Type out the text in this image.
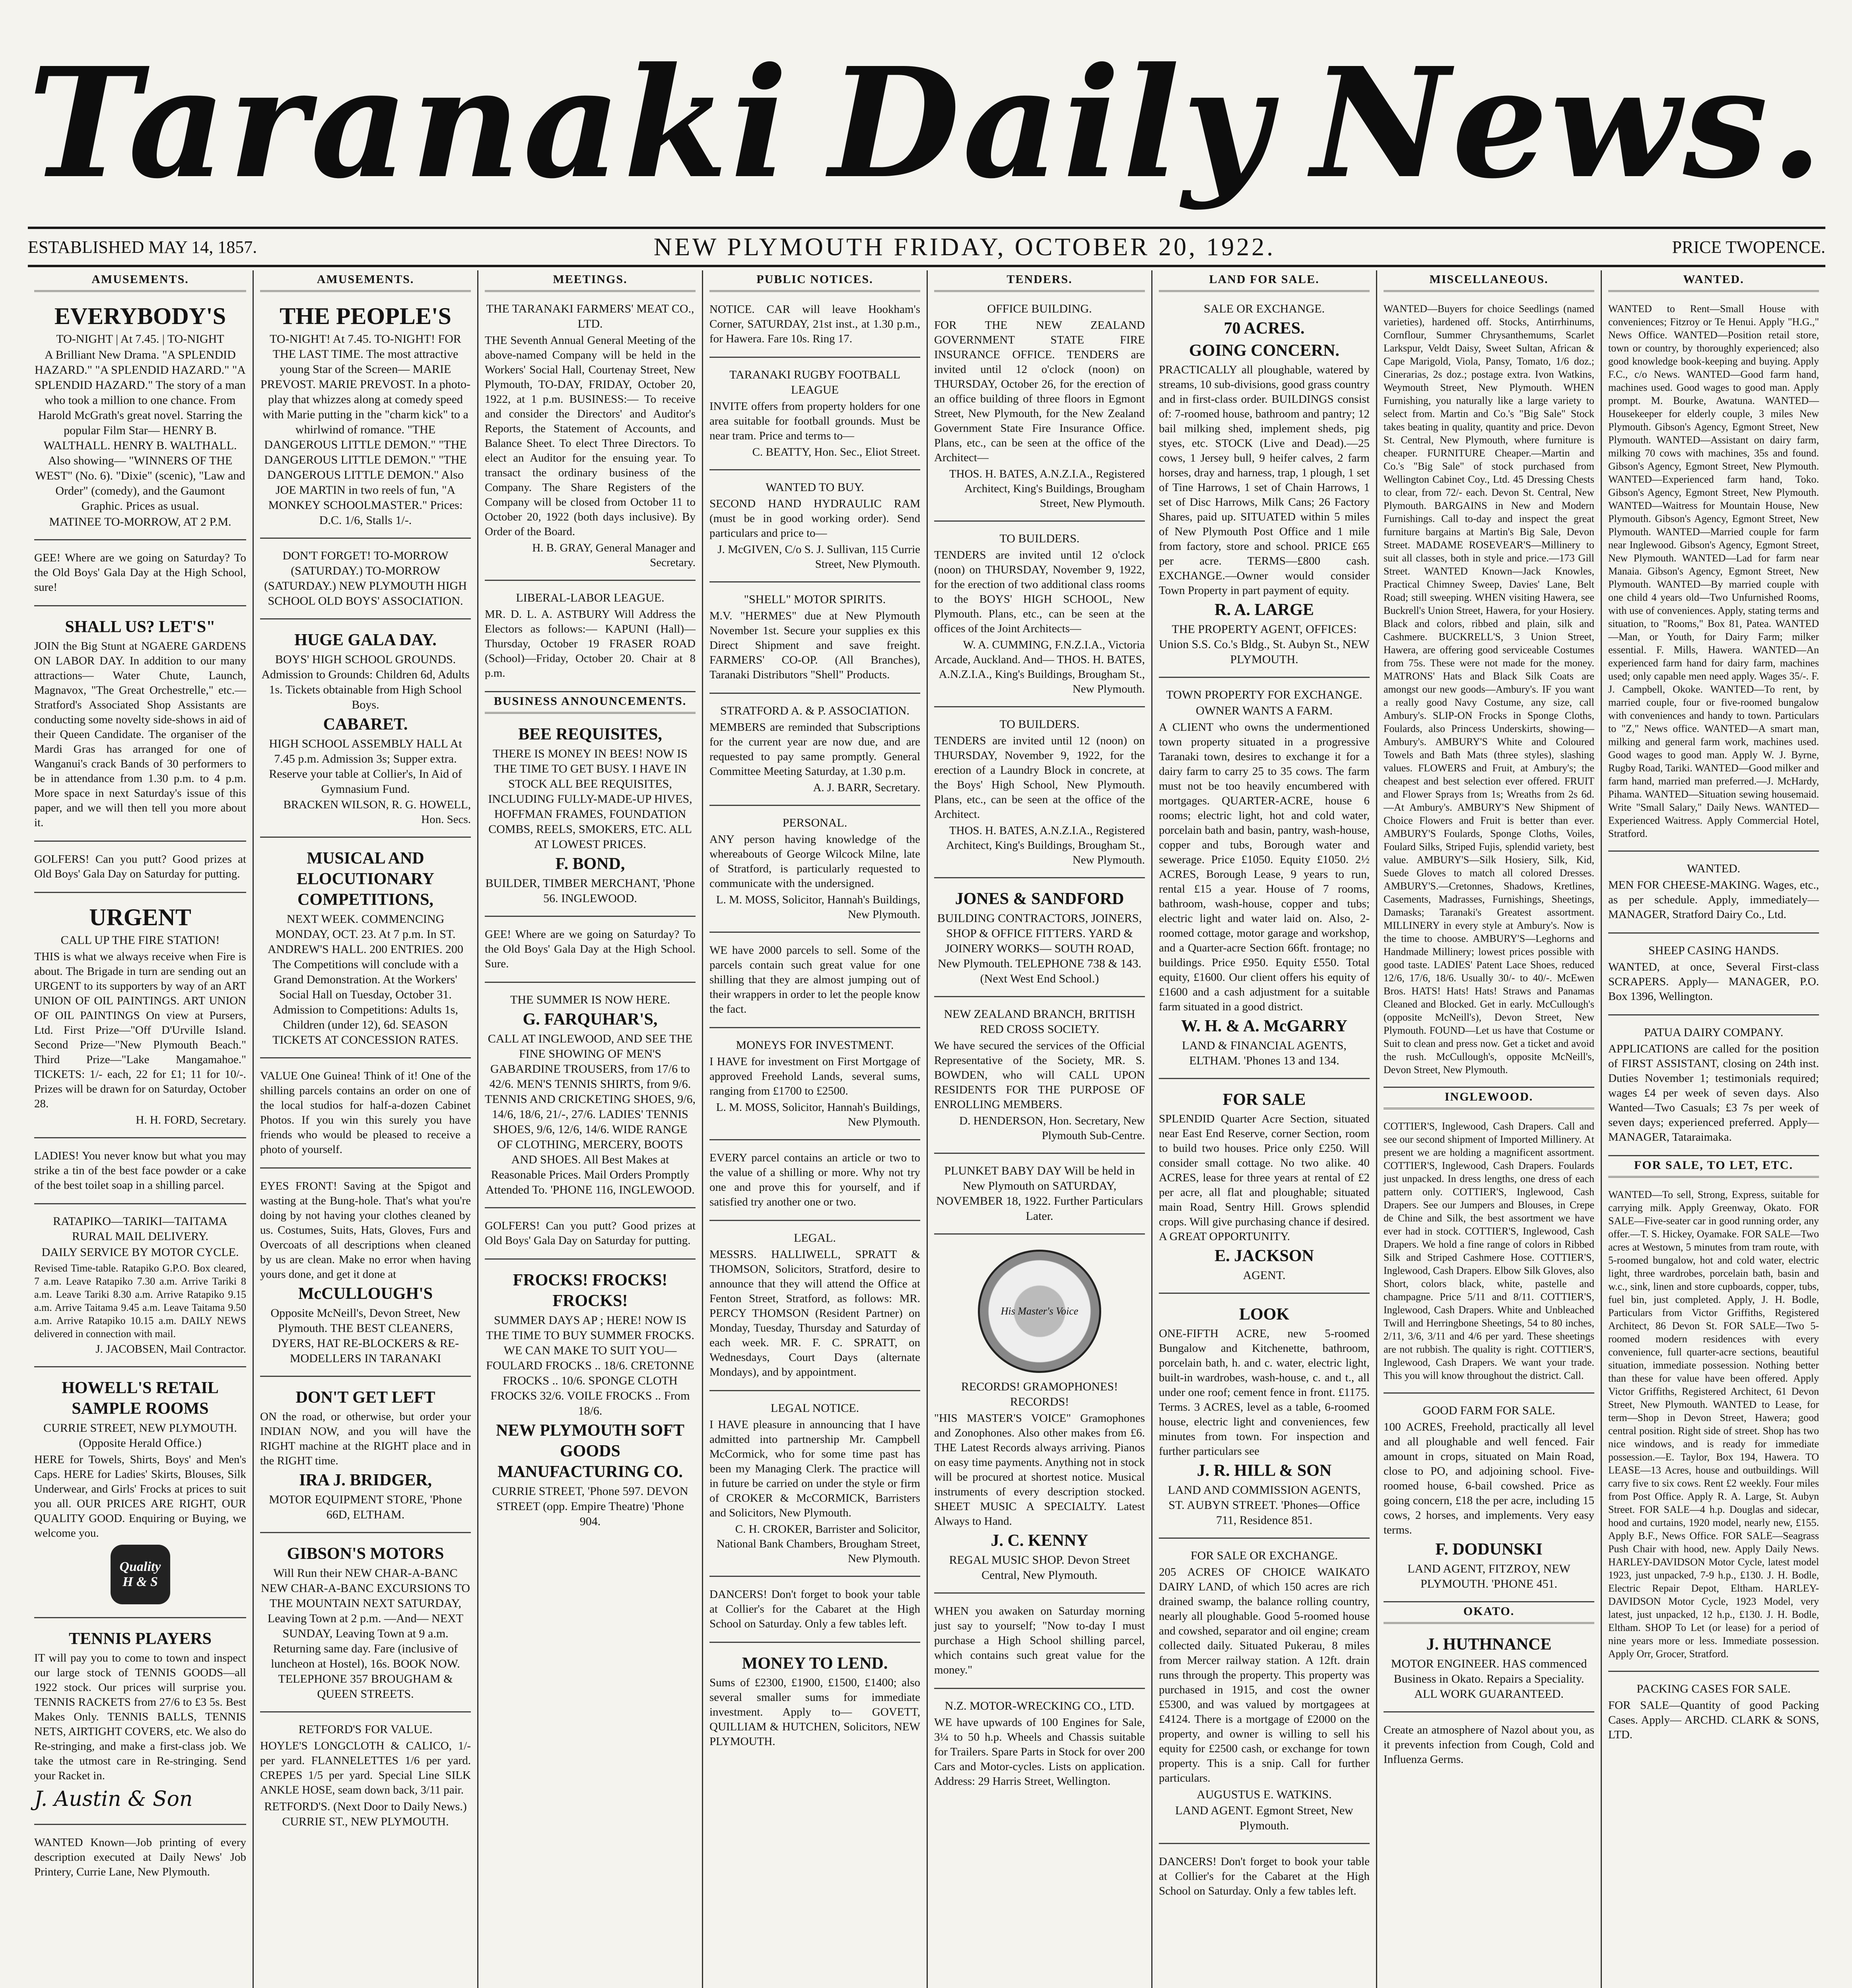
Taranaki Daily News.
ESTABLISHED MAY 14, 1857.	NEW PLYMOUTH FRIDAY, OCTOBER 20, 1922.	PRICE TWOPENCE.
AMUSEMENTS.
EVERYBODY'S
TO-NIGHT | At 7.45. | TO-NIGHT
A Brilliant New Drama. "A SPLENDID HAZARD." "A SPLENDID HAZARD." "A SPLENDID HAZARD." The story of a man who took a million to one chance. From Harold McGrath's great novel. Starring the popular Film Star— HENRY B. WALTHALL. HENRY B. WALTHALL. Also showing— "WINNERS OF THE WEST" (No. 6). "Dixie" (scenic), "Law and Order" (comedy), and the Gaumont Graphic. Prices as usual.
MATINEE TO-MORROW, AT 2 P.M.
GEE! Where are we going on Saturday? To the Old Boys' Gala Day at the High School, sure!
SHALL US? LET'S"
JOIN the Big Stunt at NGAERE GARDENS ON LABOR DAY. In addition to our many attractions— Water Chute, Launch, Magnavox, "The Great Orchestrelle," etc.—Stratford's Associated Shop Assistants are conducting some novelty side-shows in aid of their Queen Candidate. The organiser of the Mardi Gras has arranged for one of Wanganui's crack Bands of 30 performers to be in attendance from 1.30 p.m. to 4 p.m. More space in next Saturday's issue of this paper, and we will then tell you more about it.
GOLFERS! Can you putt? Good prizes at Old Boys' Gala Day on Saturday for putting.
URGENT
CALL UP THE FIRE STATION!
THIS is what we always receive when Fire is about. The Brigade in turn are sending out an URGENT to its supporters by way of an ART UNION OF OIL PAINTINGS. ART UNION OF OIL PAINTINGS On view at Pursers, Ltd. First Prize—"Off D'Urville Island. Second Prize—"New Plymouth Beach." Third Prize—"Lake Mangamahoe." TICKETS: 1/- each, 22 for £1; 11 for 10/-. Prizes will be drawn for on Saturday, October 28.
H. H. FORD, Secretary.
LADIES! You never know but what you may strike a tin of the best face powder or a cake of the best toilet soap in a shilling parcel.
RATAPIKO—TARIKI—TAITAMA RURAL MAIL DELIVERY.
DAILY SERVICE BY MOTOR CYCLE.
Revised Time-table. Ratapiko G.P.O. Box cleared, 7 a.m. Leave Ratapiko 7.30 a.m. Arrive Tariki 8 a.m. Leave Tariki 8.30 a.m. Arrive Ratapiko 9.15 a.m. Arrive Taitama 9.45 a.m. Leave Taitama 9.50 a.m. Arrive Ratapiko 10.15 a.m. DAILY NEWS delivered in connection with mail.
J. JACOBSEN, Mail Contractor.
HOWELL'S RETAIL SAMPLE ROOMS
CURRIE STREET, NEW PLYMOUTH. (Opposite Herald Office.)
HERE for Towels, Shirts, Boys' and Men's Caps. HERE for Ladies' Skirts, Blouses, Silk Underwear, and Girls' Frocks at prices to suit you all. OUR PRICES ARE RIGHT, OUR QUALITY GOOD. Enquiring or Buying, we welcome you.
Quality
H & S
TENNIS PLAYERS
IT will pay you to come to town and inspect our large stock of TENNIS GOODS—all 1922 stock. Our prices will surprise you. TENNIS RACKETS from 27/6 to £3 5s. Best Makes Only. TENNIS BALLS, TENNIS NETS, AIRTIGHT COVERS, etc. We also do Re-stringing, and make a first-class job. We take the utmost care in Re-stringing. Send your Racket in.
J. Austin & Son
WANTED Known—Job printing of every description executed at Daily News' Job Printery, Currie Lane, New Plymouth.
AMUSEMENTS.
THE PEOPLE'S
TO-NIGHT! At 7.45. TO-NIGHT! FOR THE LAST TIME. The most attractive young Star of the Screen— MARIE PREVOST. MARIE PREVOST. In a photo-play that whizzes along at comedy speed with Marie putting in the "charm kick" to a whirlwind of romance. "THE DANGEROUS LITTLE DEMON." "THE DANGEROUS LITTLE DEMON." "THE DANGEROUS LITTLE DEMON." Also JOE MARTIN in two reels of fun, "A MONKEY SCHOOLMASTER." Prices: D.C. 1/6, Stalls 1/-.
DON'T FORGET! TO-MORROW (SATURDAY.) TO-MORROW (SATURDAY.) NEW PLYMOUTH HIGH SCHOOL OLD BOYS' ASSOCIATION.
HUGE GALA DAY.
BOYS' HIGH SCHOOL GROUNDS. Admission to Grounds: Children 6d, Adults 1s. Tickets obtainable from High School Boys.
CABARET.
HIGH SCHOOL ASSEMBLY HALL At 7.45 p.m. Admission 3s; Supper extra. Reserve your table at Collier's, In Aid of Gymnasium Fund.
BRACKEN WILSON, R. G. HOWELL, Hon. Secs.
MUSICAL AND ELOCUTIONARY COMPETITIONS,
NEXT WEEK. COMMENCING MONDAY, OCT. 23. At 7 p.m. In ST. ANDREW'S HALL. 200 ENTRIES. 200 The Competitions will conclude with a Grand Demonstration. At the Workers' Social Hall on Tuesday, October 31. Admission to Competitions: Adults 1s, Children (under 12), 6d. SEASON TICKETS AT CONCESSION RATES.
VALUE One Guinea! Think of it! One of the shilling parcels contains an order on one of the local studios for half-a-dozen Cabinet Photos. If you win this surely you have friends who would be pleased to receive a photo of yourself.
EYES FRONT! Saving at the Spigot and wasting at the Bung-hole. That's what you're doing by not having your clothes cleaned by us. Costumes, Suits, Hats, Gloves, Furs and Overcoats of all descriptions when cleaned by us are clean. Make no error when having yours done, and get it done at
McCULLOUGH'S
Opposite McNeill's, Devon Street, New Plymouth. THE BEST CLEANERS, DYERS, HAT RE-BLOCKERS & RE-MODELLERS IN TARANAKI
DON'T GET LEFT
ON the road, or otherwise, but order your INDIAN NOW, and you will have the RIGHT machine at the RIGHT place and in the RIGHT time.
IRA J. BRIDGER,
MOTOR EQUIPMENT STORE, 'Phone 66D, ELTHAM.
GIBSON'S MOTORS
Will Run their NEW CHAR-A-BANC NEW CHAR-A-BANC EXCURSIONS TO THE MOUNTAIN NEXT SATURDAY, Leaving Town at 2 p.m. —And— NEXT SUNDAY, Leaving Town at 9 a.m. Returning same day. Fare (inclusive of luncheon at Hostel), 16s. BOOK NOW. TELEPHONE 357 BROUGHAM & QUEEN STREETS.
RETFORD'S FOR VALUE.
HOYLE'S LONGCLOTH & CALICO, 1/- per yard. FLANNELETTES 1/6 per yard. CREPES 1/5 per yard. Special Line SILK ANKLE HOSE, seam down back, 3/11 pair.
RETFORD'S. (Next Door to Daily News.) CURRIE ST., NEW PLYMOUTH.
MEETINGS.
THE TARANAKI FARMERS' MEAT CO., LTD.
THE Seventh Annual General Meeting of the above-named Company will be held in the Workers' Social Hall, Courtenay Street, New Plymouth, TO-DAY, FRIDAY, October 20, 1922, at 1 p.m. BUSINESS:— To receive and consider the Directors' and Auditor's Reports, the Statement of Accounts, and Balance Sheet. To elect Three Directors. To elect an Auditor for the ensuing year. To transact the ordinary business of the Company. The Share Registers of the Company will be closed from October 11 to October 20, 1922 (both days inclusive). By Order of the Board.
H. B. GRAY, General Manager and Secretary.
LIBERAL-LABOR LEAGUE.
MR. D. L. A. ASTBURY Will Address the Electors as follows:— KAPUNI (Hall)—Thursday, October 19 FRASER ROAD (School)—Friday, October 20. Chair at 8 p.m.
BUSINESS ANNOUNCEMENTS.
BEE REQUISITES,
THERE IS MONEY IN BEES! NOW IS THE TIME TO GET BUSY. I HAVE IN STOCK ALL BEE REQUISITES, INCLUDING FULLY-MADE-UP HIVES, HOFFMAN FRAMES, FOUNDATION COMBS, REELS, SMOKERS, ETC. ALL AT LOWEST PRICES.
F. BOND,
BUILDER, TIMBER MERCHANT, 'Phone 56. INGLEWOOD.
GEE! Where are we going on Saturday? To the Old Boys' Gala Day at the High School. Sure.
THE SUMMER IS NOW HERE.
G. FARQUHAR'S,
CALL AT INGLEWOOD, AND SEE THE FINE SHOWING OF MEN'S GABARDINE TROUSERS, from 17/6 to 42/6. MEN'S TENNIS SHIRTS, from 9/6. TENNIS AND CRICKETING SHOES, 9/6, 14/6, 18/6, 21/-, 27/6. LADIES' TENNIS SHOES, 9/6, 12/6, 14/6. WIDE RANGE OF CLOTHING, MERCERY, BOOTS AND SHOES. All Best Makes at Reasonable Prices. Mail Orders Promptly Attended To. 'PHONE 116, INGLEWOOD.
GOLFERS! Can you putt? Good prizes at Old Boys' Gala Day on Saturday for putting.
FROCKS! FROCKS! FROCKS!
SUMMER DAYS AP ; HERE! NOW IS THE TIME TO BUY SUMMER FROCKS. WE CAN MAKE TO SUIT YOU— FOULARD FROCKS .. 18/6. CRETONNE FROCKS .. 10/6. SPONGE CLOTH FROCKS 32/6. VOILE FROCKS .. From 18/6.
NEW PLYMOUTH SOFT GOODS MANUFACTURING CO.
CURRIE STREET, 'Phone 597. DEVON STREET (opp. Empire Theatre) 'Phone 904.
PUBLIC NOTICES.
NOTICE. CAR will leave Hookham's Corner, SATURDAY, 21st inst., at 1.30 p.m., for Hawera. Fare 10s. Ring 17.
TARANAKI RUGBY FOOTBALL LEAGUE
INVITE offers from property holders for one area suitable for football grounds. Must be near tram. Price and terms to—
C. BEATTY, Hon. Sec., Eliot Street.
WANTED TO BUY.
SECOND HAND HYDRAULIC RAM (must be in good working order). Send particulars and price to—
J. McGIVEN, C/o S. J. Sullivan, 115 Currie Street, New Plymouth.
"SHELL" MOTOR SPIRITS.
M.V. "HERMES" due at New Plymouth November 1st. Secure your supplies ex this Direct Shipment and save freight. FARMERS' CO-OP. (All Branches), Taranaki Distributors "Shell" Products.
STRATFORD A. & P. ASSOCIATION.
MEMBERS are reminded that Subscriptions for the current year are now due, and are requested to pay same promptly. General Committee Meeting Saturday, at 1.30 p.m.
A. J. BARR, Secretary.
PERSONAL.
ANY person having knowledge of the whereabouts of George Wilcock Milne, late of Stratford, is particularly requested to communicate with the undersigned.
L. M. MOSS, Solicitor, Hannah's Buildings, New Plymouth.
WE have 2000 parcels to sell. Some of the parcels contain such great value for one shilling that they are almost jumping out of their wrappers in order to let the people know the fact.
MONEYS FOR INVESTMENT.
I HAVE for investment on First Mortgage of approved Freehold Lands, several sums, ranging from £1700 to £2500.
L. M. MOSS, Solicitor, Hannah's Buildings, New Plymouth.
EVERY parcel contains an article or two to the value of a shilling or more. Why not try one and prove this for yourself, and if satisfied try another one or two.
LEGAL.
MESSRS. HALLIWELL, SPRATT & THOMSON, Solicitors, Stratford, desire to announce that they will attend the Office at Fenton Street, Stratford, as follows: MR. PERCY THOMSON (Resident Partner) on Monday, Tuesday, Thursday and Saturday of each week. MR. F. C. SPRATT, on Wednesdays, Court Days (alternate Mondays), and by appointment.
LEGAL NOTICE.
I HAVE pleasure in announcing that I have admitted into partnership Mr. Campbell McCormick, who for some time past has been my Managing Clerk. The practice will in future be carried on under the style or firm of CROKER & McCORMICK, Barristers and Solicitors, New Plymouth.
C. H. CROKER, Barrister and Solicitor, National Bank Chambers, Brougham Street, New Plymouth.
DANCERS! Don't forget to book your table at Collier's for the Cabaret at the High School on Saturday. Only a few tables left.
MONEY TO LEND.
Sums of £2300, £1900, £1500, £1400; also several smaller sums for immediate investment. Apply to— GOVETT, QUILLIAM & HUTCHEN, Solicitors, NEW PLYMOUTH.
TENDERS.
OFFICE BUILDING.
FOR THE NEW ZEALAND GOVERNMENT STATE FIRE INSURANCE OFFICE. TENDERS are invited until 12 o'clock (noon) on THURSDAY, October 26, for the erection of an office building of three floors in Egmont Street, New Plymouth, for the New Zealand Government State Fire Insurance Office. Plans, etc., can be seen at the office of the Architect—
THOS. H. BATES, A.N.Z.I.A., Registered Architect, King's Buildings, Brougham Street, New Plymouth.
TO BUILDERS.
TENDERS are invited until 12 o'clock (noon) on THURSDAY, November 9, 1922, for the erection of two additional class rooms to the BOYS' HIGH SCHOOL, New Plymouth. Plans, etc., can be seen at the offices of the Joint Architects—
W. A. CUMMING, F.N.Z.I.A., Victoria Arcade, Auckland. And— THOS. H. BATES, A.N.Z.I.A., King's Buildings, Brougham St., New Plymouth.
TO BUILDERS.
TENDERS are invited until 12 (noon) on THURSDAY, November 9, 1922, for the erection of a Laundry Block in concrete, at the Boys' High School, New Plymouth. Plans, etc., can be seen at the office of the Architect.
THOS. H. BATES, A.N.Z.I.A., Registered Architect, King's Buildings, Brougham St., New Plymouth.
JONES & SANDFORD
BUILDING CONTRACTORS, JOINERS, SHOP & OFFICE FITTERS. YARD & JOINERY WORKS— SOUTH ROAD, New Plymouth. TELEPHONE 738 & 143. (Next West End School.)
NEW ZEALAND BRANCH, BRITISH RED CROSS SOCIETY.
We have secured the services of the Official Representative of the Society, MR. S. BOWDEN, who will CALL UPON RESIDENTS FOR THE PURPOSE OF ENROLLING MEMBERS.
D. HENDERSON, Hon. Secretary, New Plymouth Sub-Centre.
PLUNKET BABY DAY Will be held in New Plymouth on SATURDAY, NOVEMBER 18, 1922. Further Particulars Later.
His Master's Voice
RECORDS! GRAMOPHONES! RECORDS!
"HIS MASTER'S VOICE" Gramophones and Zonophones. Also other makes from £6. THE Latest Records always arriving. Pianos on easy time payments. Anything not in stock will be procured at shortest notice. Musical instruments of every description stocked. SHEET MUSIC A SPECIALTY. Latest Always to Hand.
J. C. KENNY
REGAL MUSIC SHOP. Devon Street Central, New Plymouth.
WHEN you awaken on Saturday morning just say to yourself; "Now to-day I must purchase a High School shilling parcel, which contains such great value for the money."
N.Z. MOTOR-WRECKING CO., LTD.
WE have upwards of 100 Engines for Sale, 3¼ to 50 h.p. Wheels and Chassis suitable for Trailers. Spare Parts in Stock for over 200 Cars and Motor-cycles. Lists on application. Address: 29 Harris Street, Wellington.
LAND FOR SALE.
SALE OR EXCHANGE.
70 ACRES.
GOING CONCERN.
PRACTICALLY all ploughable, watered by streams, 10 sub-divisions, good grass country and in first-class order. BUILDINGS consist of: 7-roomed house, bathroom and pantry; 12 bail milking shed, implement sheds, pig styes, etc. STOCK (Live and Dead).—25 cows, 1 Jersey bull, 9 heifer calves, 2 farm horses, dray and harness, trap, 1 plough, 1 set of Tine Harrows, 1 set of Chain Harrows, 1 set of Disc Harrows, Milk Cans; 26 Factory Shares, paid up. SITUATED within 5 miles of New Plymouth Post Office and 1 mile from factory, store and school. PRICE £65 per acre. TERMS—£800 cash. EXCHANGE.—Owner would consider Town Property in part payment of equity.
R. A. LARGE
THE PROPERTY AGENT, OFFICES: Union S.S. Co.'s Bldg., St. Aubyn St., NEW PLYMOUTH.
TOWN PROPERTY FOR EXCHANGE.
OWNER WANTS A FARM.
A CLIENT who owns the undermentioned town property situated in a progressive Taranaki town, desires to exchange it for a dairy farm to carry 25 to 35 cows. The farm must not be too heavily encumbered with mortgages. QUARTER-ACRE, house 6 rooms; electric light, hot and cold water, porcelain bath and basin, pantry, wash-house, copper and tubs, Borough water and sewerage. Price £1050. Equity £1050. 2½ ACRES, Borough Lease, 9 years to run, rental £15 a year. House of 7 rooms, bathroom, wash-house, copper and tubs; electric light and water laid on. Also, 2-roomed cottage, motor garage and workshop, and a Quarter-acre Section 66ft. frontage; no buildings. Price £950. Equity £550. Total equity, £1600. Our client offers his equity of £1600 and a cash adjustment for a suitable farm situated in a good district.
W. H. & A. McGARRY
LAND & FINANCIAL AGENTS, ELTHAM. 'Phones 13 and 134.
FOR SALE
SPLENDID Quarter Acre Section, situated near East End Reserve, corner Section, room to build two houses. Price only £250. Will consider small cottage. No two alike. 40 ACRES, lease for three years at rental of £2 per acre, all flat and ploughable; situated main Road, Sentry Hill. Grows splendid crops. Will give purchasing chance if desired. A GREAT OPPORTUNITY.
E. JACKSON
AGENT.
LOOK
ONE-FIFTH ACRE, new 5-roomed Bungalow and Kitchenette, bathroom, porcelain bath, h. and c. water, electric light, built-in wardrobes, wash-house, c. and t., all under one roof; cement fence in front. £1175. Terms. 3 ACRES, level as a table, 6-roomed house, electric light and conveniences, few minutes from town. For inspection and further particulars see
J. R. HILL & SON
LAND AND COMMISSION AGENTS, ST. AUBYN STREET. 'Phones—Office 711, Residence 851.
FOR SALE OR EXCHANGE.
205 ACRES OF CHOICE WAIKATO DAIRY LAND, of which 150 acres are rich drained swamp, the balance rolling country, nearly all ploughable. Good 5-roomed house and cowshed, separator and oil engine; cream collected daily. Situated Pukerau, 8 miles from Mercer railway station. A 12ft. drain runs through the property. This property was purchased in 1915, and cost the owner £5300, and was valued by mortgagees at £4124. There is a mortgage of £2000 on the property, and owner is willing to sell his equity for £2500 cash, or exchange for town property. This is a snip. Call for further particulars.
AUGUSTUS E. WATKINS.
LAND AGENT. Egmont Street, New Plymouth.
DANCERS! Don't forget to book your table at Collier's for the Cabaret at the High School on Saturday. Only a few tables left.
MISCELLANEOUS.
WANTED—Buyers for choice Seedlings (named varieties), hardened off. Stocks, Antirrhinums, Cornflour, Summer Chrysanthemums, Scarlet Larkspur, Veldt Daisy, Sweet Sultan, African & Cape Marigold, Viola, Pansy, Tomato, 1/6 doz.; Cinerarias, 2s doz.; postage extra. Ivon Watkins, Weymouth Street, New Plymouth. WHEN Furnishing, you naturally like a large variety to select from. Martin and Co.'s "Big Sale" Stock takes beating in quality, quantity and price. Devon St. Central, New Plymouth, where furniture is cheaper. FURNITURE Cheaper.—Martin and Co.'s "Big Sale" of stock purchased from Wellington Cabinet Coy., Ltd. 45 Dressing Chests to clear, from 72/- each. Devon St. Central, New Plymouth. BARGAINS in New and Modern Furnishings. Call to-day and inspect the great furniture bargains at Martin's Big Sale, Devon Street. MADAME ROSEVEAR'S—Millinery to suit all classes, both in style and price.—173 Gill Street. WANTED Known—Jack Knowles, Practical Chimney Sweep, Davies' Lane, Belt Road; still sweeping. WHEN visiting Hawera, see Buckrell's Union Street, Hawera, for your Hosiery. Black and colors, ribbed and plain, silk and Cashmere. BUCKRELL'S, 3 Union Street, Hawera, are offering good serviceable Costumes from 75s. These were not made for the money. MATRONS' Hats and Black Silk Coats are amongst our new goods—Ambury's. IF you want a really good Navy Costume, any size, call Ambury's. SLIP-ON Frocks in Sponge Cloths, Foulards, also Princess Underskirts, showing—Ambury's. AMBURY'S White and Coloured Towels and Bath Mats (three styles), slashing values. FLOWERS and Fruit, at Ambury's; the cheapest and best selection ever offered. FRUIT and Flower Sprays from 1s; Wreaths from 2s 6d.—At Ambury's. AMBURY'S New Shipment of Choice Flowers and Fruit is better than ever. AMBURY'S Foulards, Sponge Cloths, Voiles, Foulard Silks, Striped Fujis, splendid variety, best value. AMBURY'S—Silk Hosiery, Silk, Kid, Suede Gloves to match all colored Dresses. AMBURY'S.—Cretonnes, Shadows, Kretlines, Casements, Madrasses, Furnishings, Sheetings, Damasks; Taranaki's Greatest assortment. MILLINERY in every style at Ambury's. Now is the time to choose. AMBURY'S—Leghorns and Handmade Millinery; lowest prices possible with good taste. LADIES' Patent Lace Shoes, reduced 12/6, 17/6, 18/6. Usually 30/- to 40/-. McEwen Bros. HATS! Hats! Hats! Straws and Panamas Cleaned and Blocked. Get in early. McCullough's (opposite McNeill's), Devon Street, New Plymouth. FOUND—Let us have that Costume or Suit to clean and press now. Get a ticket and avoid the rush. McCullough's, opposite McNeill's, Devon Street, New Plymouth.
INGLEWOOD.
COTTIER'S, Inglewood, Cash Drapers. Call and see our second shipment of Imported Millinery. At present we are holding a magnificent assortment. COTTIER'S, Inglewood, Cash Drapers. Foulards just unpacked. In dress lengths, one dress of each pattern only. COTTIER'S, Inglewood, Cash Drapers. See our Jumpers and Blouses, in Crepe de Chine and Silk, the best assortment we have ever had in stock. COTTIER'S, Inglewood, Cash Drapers. We hold a fine range of colors in Ribbed Silk and Striped Cashmere Hose. COTTIER'S, Inglewood, Cash Drapers. Elbow Silk Gloves, also Short, colors black, white, pastelle and champagne. Price 5/11 and 8/11. COTTIER'S, Inglewood, Cash Drapers. White and Unbleached Twill and Herringbone Sheetings, 54 to 80 inches, 2/11, 3/6, 3/11 and 4/6 per yard. These sheetings are not rubbish. The quality is right. COTTIER'S, Inglewood, Cash Drapers. We want your trade. This you will know throughout the district. Call.
GOOD FARM FOR SALE.
100 ACRES, Freehold, practically all level and all ploughable and well fenced. Fair amount in crops, situated on Main Road, close to PO, and adjoining school. Five-roomed house, 6-bail cowshed. Price as going concern, £18 the per acre, including 15 cows, 2 horses, and implements. Very easy terms.
F. DODUNSKI
LAND AGENT, FITZROY, NEW PLYMOUTH. 'PHONE 451.
OKATO.
J. HUTHNANCE
MOTOR ENGINEER. HAS commenced Business in Okato. Repairs a Speciality. ALL WORK GUARANTEED.
Create an atmosphere of Nazol about you, as it prevents infection from Cough, Cold and Influenza Germs.
WANTED.
WANTED to Rent—Small House with conveniences; Fitzroy or Te Henui. Apply "H.G.," News Office. WANTED—Position retail store, town or country, by thoroughly experienced; also good knowledge book-keeping and buying. Apply F.C., c/o News. WANTED—Good farm hand, machines used. Good wages to good man. Apply prompt. M. Bourke, Awatuna. WANTED—Housekeeper for elderly couple, 3 miles New Plymouth. Gibson's Agency, Egmont Street, New Plymouth. WANTED—Assistant on dairy farm, milking 70 cows with machines, 35s and found. Gibson's Agency, Egmont Street, New Plymouth. WANTED—Experienced farm hand, Toko. Gibson's Agency, Egmont Street, New Plymouth. WANTED—Waitress for Mountain House, New Plymouth. Gibson's Agency, Egmont Street, New Plymouth. WANTED—Married couple for farm near Inglewood. Gibson's Agency, Egmont Street, New Plymouth. WANTED—Lad for farm near Manaia. Gibson's Agency, Egmont Street, New Plymouth. WANTED—By married couple with one child 4 years old—Two Unfurnished Rooms, with use of conveniences. Apply, stating terms and situation, to "Rooms," Box 81, Patea. WANTED—Man, or Youth, for Dairy Farm; milker essential. F. Mills, Hawera. WANTED—An experienced farm hand for dairy farm, machines used; only capable men need apply. Wages 35/-. F. J. Campbell, Okoke. WANTED—To rent, by married couple, four or five-roomed bungalow with conveniences and handy to town. Particulars to "Z," News office. WANTED—A smart man, milking and general farm work, machines used. Good wages to good man. Apply W. J. Byrne, Rugby Road, Tariki. WANTED—Good milker and farm hand, married man preferred.—J. McHardy, Pihama. WANTED—Situation sewing housemaid. Write "Small Salary," Daily News. WANTED—Experienced Waitress. Apply Commercial Hotel, Stratford.
WANTED.
MEN FOR CHEESE-MAKING. Wages, etc., as per schedule. Apply, immediately— MANAGER, Stratford Dairy Co., Ltd.
SHEEP CASING HANDS.
WANTED, at once, Several First-class SCRAPERS. Apply— MANAGER, P.O. Box 1396, Wellington.
PATUA DAIRY COMPANY.
APPLICATIONS are called for the position of FIRST ASSISTANT, closing on 24th inst. Duties November 1; testimonials required; wages £4 per week of seven days. Also Wanted—Two Casuals; £3 7s per week of seven days; experienced preferred. Apply— MANAGER, Tataraimaka.
FOR SALE, TO LET, ETC.
WANTED—To sell, Strong, Express, suitable for carrying milk. Apply Greenway, Okato. FOR SALE—Five-seater car in good running order, any offer.—T. S. Hickey, Oyamake. FOR SALE—Two acres at Westown, 5 minutes from tram route, with 5-roomed bungalow, hot and cold water, electric light, three wardrobes, porcelain bath, basin and w.c., sink, linen and store cupboards, copper, tubs, fuel bin, just completed. Apply, J. H. Bodle, Particulars from Victor Griffiths, Registered Architect, 86 Devon St. FOR SALE—Two 5-roomed modern residences with every convenience, full quarter-acre sections, beautiful situation, immediate possession. Nothing better than these for value have been offered. Apply Victor Griffiths, Registered Architect, 61 Devon Street, New Plymouth. WANTED to Lease, for term—Shop in Devon Street, Hawera; good central position. Right side of street. Shop has two nice windows, and is ready for immediate possession.—E. Taylor, Box 194, Hawera. TO LEASE—13 Acres, house and outbuildings. Will carry five to six cows. Rent £2 weekly. Four miles from Post Office. Apply R. A. Large, St. Aubyn Street. FOR SALE—4 h.p. Douglas and sidecar, hood and curtains, 1920 model, nearly new, £155. Apply B.F., News Office. FOR SALE—Seagrass Push Chair with hood, new. Apply Daily News. HARLEY-DAVIDSON Motor Cycle, latest model 1923, just unpacked, 7-9 h.p., £130. J. H. Bodle, Electric Repair Depot, Eltham. HARLEY-DAVIDSON Motor Cycle, 1923 Model, very latest, just unpacked, 12 h.p., £130. J. H. Bodle, Eltham. SHOP To Let (or lease) for a period of nine years more or less. Immediate possession. Apply Orr, Grocer, Stratford.
PACKING CASES FOR SALE.
FOR SALE—Quantity of good Packing Cases. Apply— ARCHD. CLARK & SONS, LTD.
